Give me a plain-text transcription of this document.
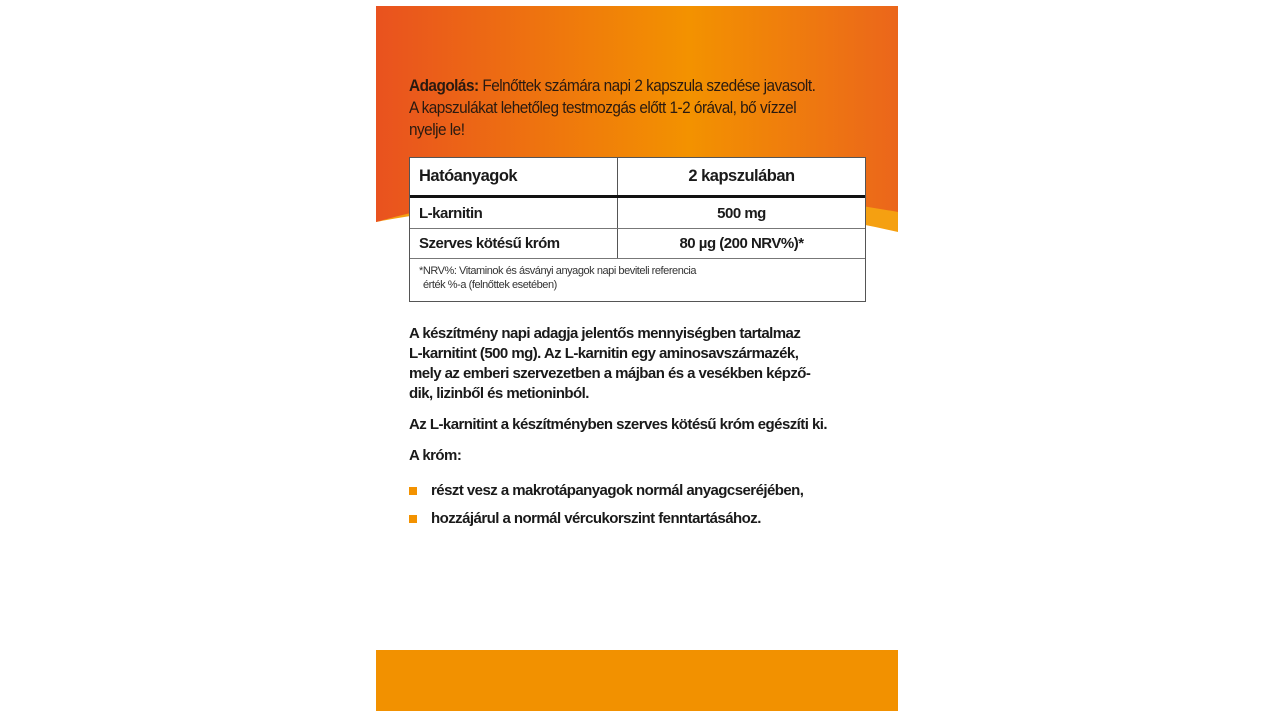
Adagolás: Felnőttek számára napi 2 kapszula szedése javasolt.
A kapszulákat lehetőleg testmozgás előtt 1-2 órával, bő vízzel
nyelje le!
Hatóanyagok	2 kapszulában
L-karnitin	500 mg
Szerves kötésű króm	80 µg (200 NRV%)*
*NRV%: Vitaminok és ásványi anyagok napi beviteli referencia
érték %-a (felnőttek esetében)

A készítmény napi adagja jelentős mennyiségben tartalmaz
L-karnitint (500 mg). Az L-karnitin egy aminosavszármazék,
mely az emberi szervezetben a májban és a vesékben képző-
dik, lizinből és metioninból.

Az L-karnitint a készítményben szerves kötésű króm egészíti ki.

A króm:

részt vesz a makrotápanyagok normál anyagcseréjében,
hozzájárul a normál vércukorszint fenntartásához.
